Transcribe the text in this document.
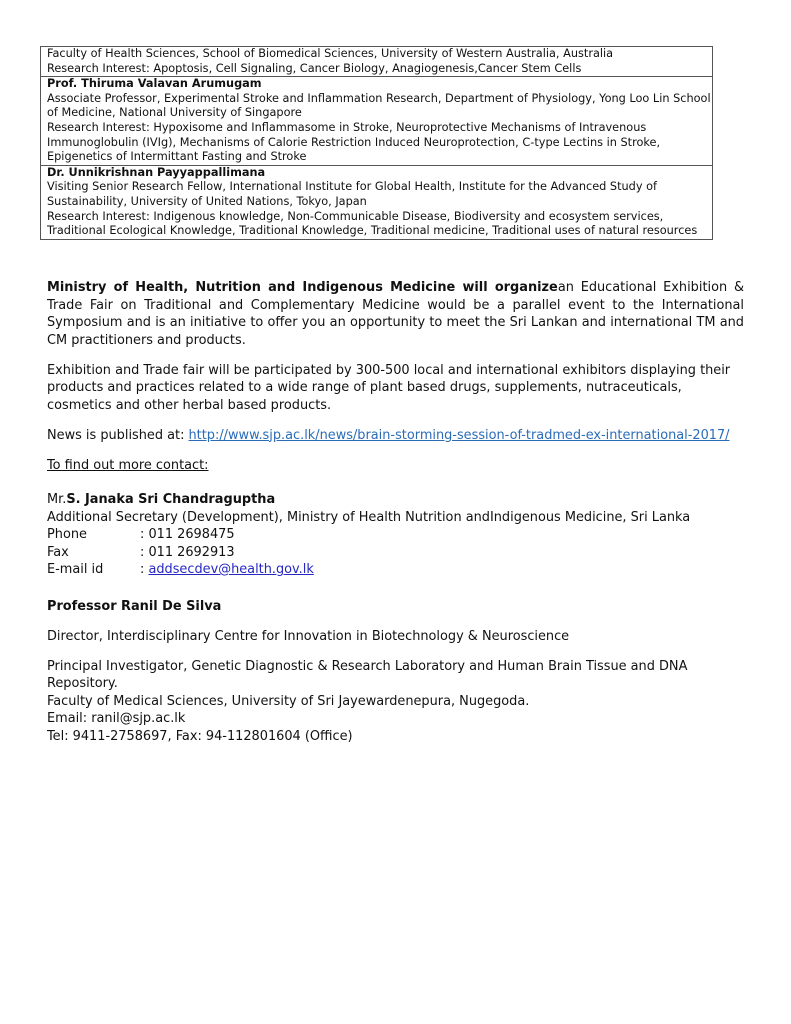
Faculty of Health Sciences, School of Biomedical Sciences, University of Western Australia, Australia
Research Interest: Apoptosis, Cell Signaling, Cancer Biology, Anagiogenesis,Cancer Stem Cells
Prof. Thiruma Valavan Arumugam
Associate Professor, Experimental Stroke and Inflammation Research, Department of Physiology, Yong Loo Lin School of Medicine, National University of Singapore
Research Interest: Hypoxisome and Inflammasome in Stroke, Neuroprotective Mechanisms of Intravenous Immunoglobulin (IVIg), Mechanisms of Calorie Restriction Induced Neuroprotection, C-type Lectins in Stroke, Epigenetics of Intermittant Fasting and Stroke
Dr. Unnikrishnan Payyappallimana
Visiting Senior Research Fellow, International Institute for Global Health, Institute for the Advanced Study of Sustainability, University of United Nations, Tokyo, Japan
Research Interest: Indigenous knowledge, Non-Communicable Disease, Biodiversity and ecosystem services, Traditional Ecological Knowledge, Traditional Knowledge, Traditional medicine, Traditional uses of natural resources

Ministry of Health, Nutrition and Indigenous Medicine will organizean Educational Exhibition & Trade Fair on Traditional and Complementary Medicine would be a parallel event to the International Symposium and is an initiative to offer you an opportunity to meet the Sri Lankan and international TM and CM practitioners and products.

Exhibition and Trade fair will be participated by 300-500 local and international exhibitors displaying their products and practices related to a wide range of plant based drugs, supplements, nutraceuticals, cosmetics and other herbal based products.

News is published at: http://www.sjp.ac.lk/news/brain-storming-session-of-tradmed-ex-international-2017/

To find out more contact:

Mr.S. Janaka Sri Chandraguptha
Additional Secretary (Development), Ministry of Health Nutrition andIndigenous Medicine, Sri Lanka
Phone	: 011 2698475
Fax	: 011 2692913
E-mail id	: addsecdev@health.gov.lk

Professor Ranil De Silva

Director, Interdisciplinary Centre for Innovation in Biotechnology & Neuroscience

Principal Investigator, Genetic Diagnostic & Research Laboratory and Human Brain Tissue and DNA Repository.
Faculty of Medical Sciences, University of Sri Jayewardenepura, Nugegoda.
Email: ranil@sjp.ac.lk
Tel: 9411-2758697, Fax: 94-112801604 (Office)
